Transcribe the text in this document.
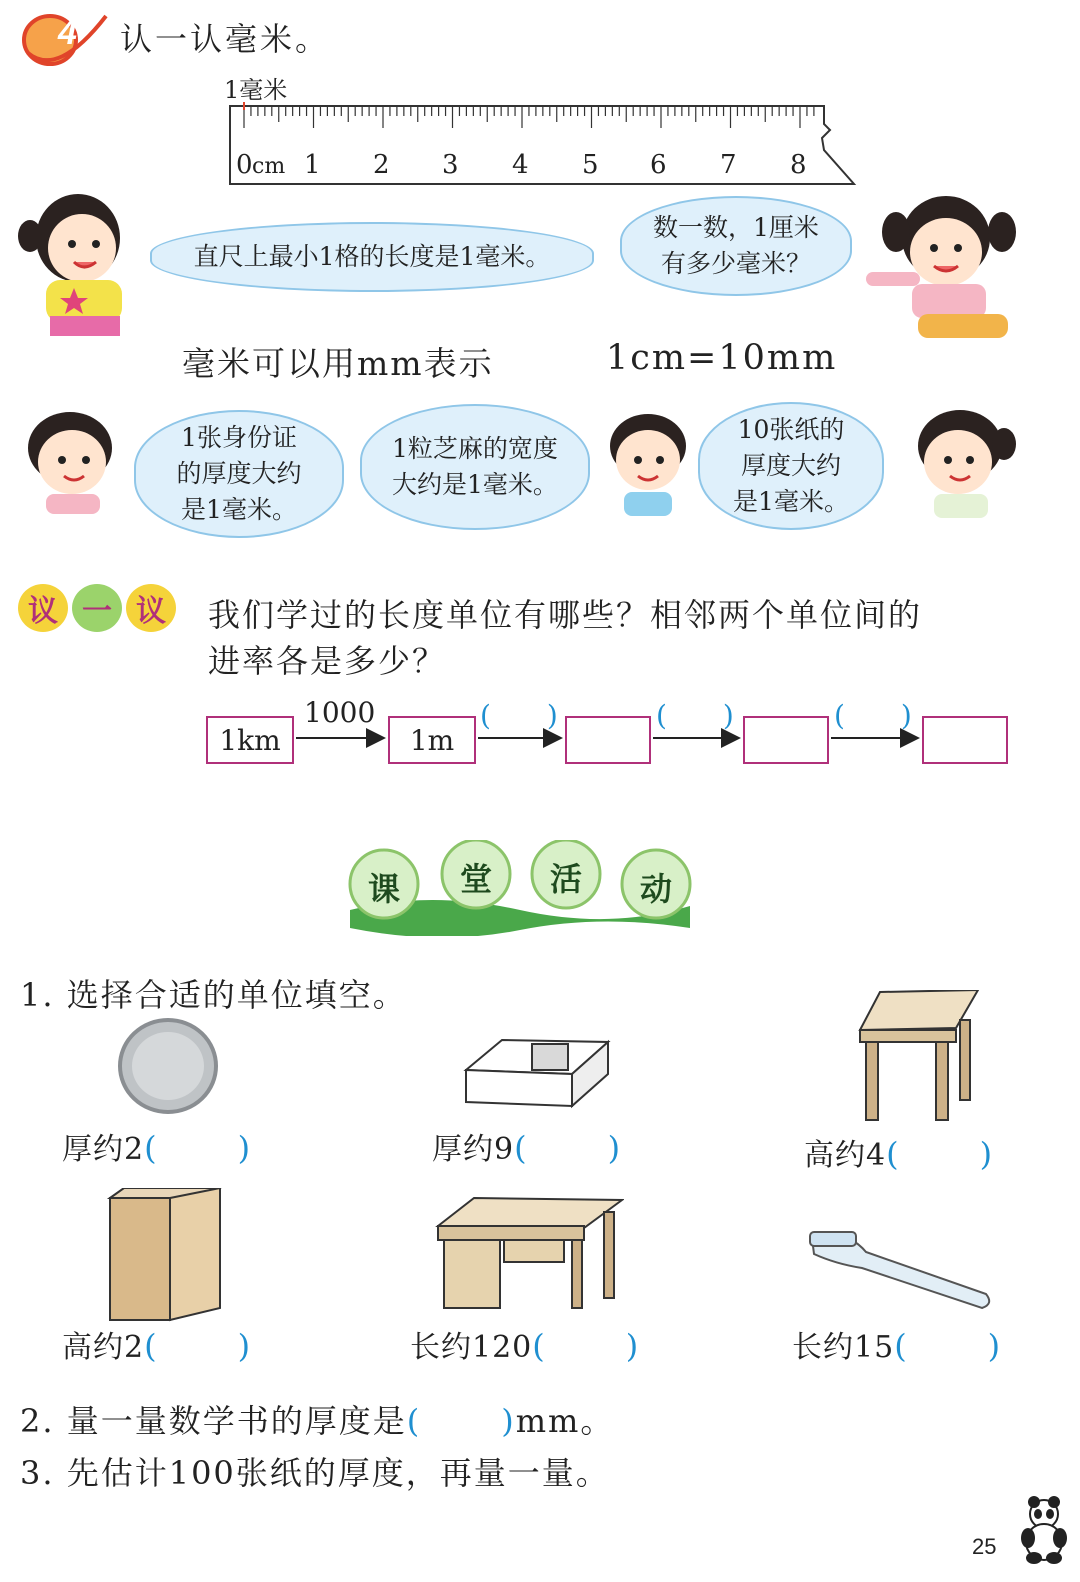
4 认一认毫米。
1毫米
0 cm 1 2 3 4 5 6 7 8
直尺上最小1格的长度是1毫米。
数一数，1厘米
有多少毫米？
毫米可以用mm表示	1cm=10mm
1张身份证
的厚度大约
是1毫米。
1粒芝麻的宽度
大约是1毫米。
10张纸的
厚度大约
是1毫米。
议 一 议	我们学过的长度单位有哪些？相邻两个单位间的
进率各是多少？
1km
1000
1m
(　　)	(　　)	(　　)
课 堂 活 动
1. 选择合适的单位填空。
厚约2(	)	厚约9(	)	高约4(	)
高约2(	)	长约120(	)	长约15(	)
2. 量一量数学书的厚度是(	)mm。
3. 先估计100张纸的厚度，再量一量。
25
